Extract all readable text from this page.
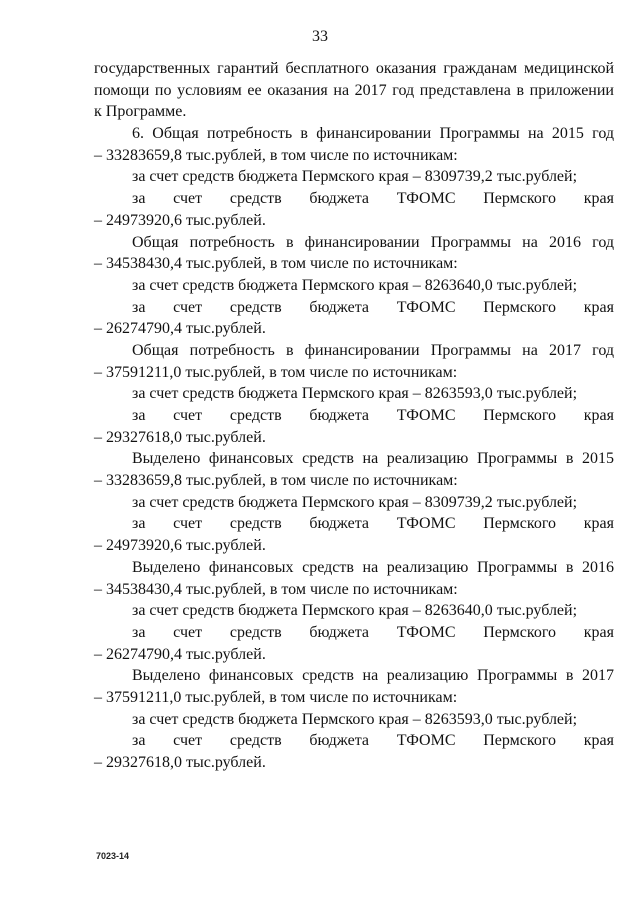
33
государственных гарантий бесплатного оказания гражданам медицинской
помощи по условиям ее оказания на 2017 год представлена в приложении
к Программе.
6. Общая потребность в финансировании Программы на 2015 год
– 33283659,8 тыс.рублей, в том числе по источникам:
за счет средств бюджета Пермского края – 8309739,2 тыс.рублей;
за счет средств бюджета ТФОМС Пермского края
– 24973920,6 тыс.рублей.
Общая потребность в финансировании Программы на 2016 год
– 34538430,4 тыс.рублей, в том числе по источникам:
за счет средств бюджета Пермского края – 8263640,0 тыс.рублей;
за счет средств бюджета ТФОМС Пермского края
– 26274790,4 тыс.рублей.
Общая потребность в финансировании Программы на 2017 год
– 37591211,0 тыс.рублей, в том числе по источникам:
за счет средств бюджета Пермского края – 8263593,0 тыс.рублей;
за счет средств бюджета ТФОМС Пермского края
– 29327618,0 тыс.рублей.
Выделено финансовых средств на реализацию Программы в 2015
– 33283659,8 тыс.рублей, в том числе по источникам:
за счет средств бюджета Пермского края – 8309739,2 тыс.рублей;
за счет средств бюджета ТФОМС Пермского края
– 24973920,6 тыс.рублей.
Выделено финансовых средств на реализацию Программы в 2016
– 34538430,4 тыс.рублей, в том числе по источникам:
за счет средств бюджета Пермского края – 8263640,0 тыс.рублей;
за счет средств бюджета ТФОМС Пермского края
– 26274790,4 тыс.рублей.
Выделено финансовых средств на реализацию Программы в 2017
– 37591211,0 тыс.рублей, в том числе по источникам:
за счет средств бюджета Пермского края – 8263593,0 тыс.рублей;
за счет средств бюджета ТФОМС Пермского края
– 29327618,0 тыс.рублей.
7023-14
